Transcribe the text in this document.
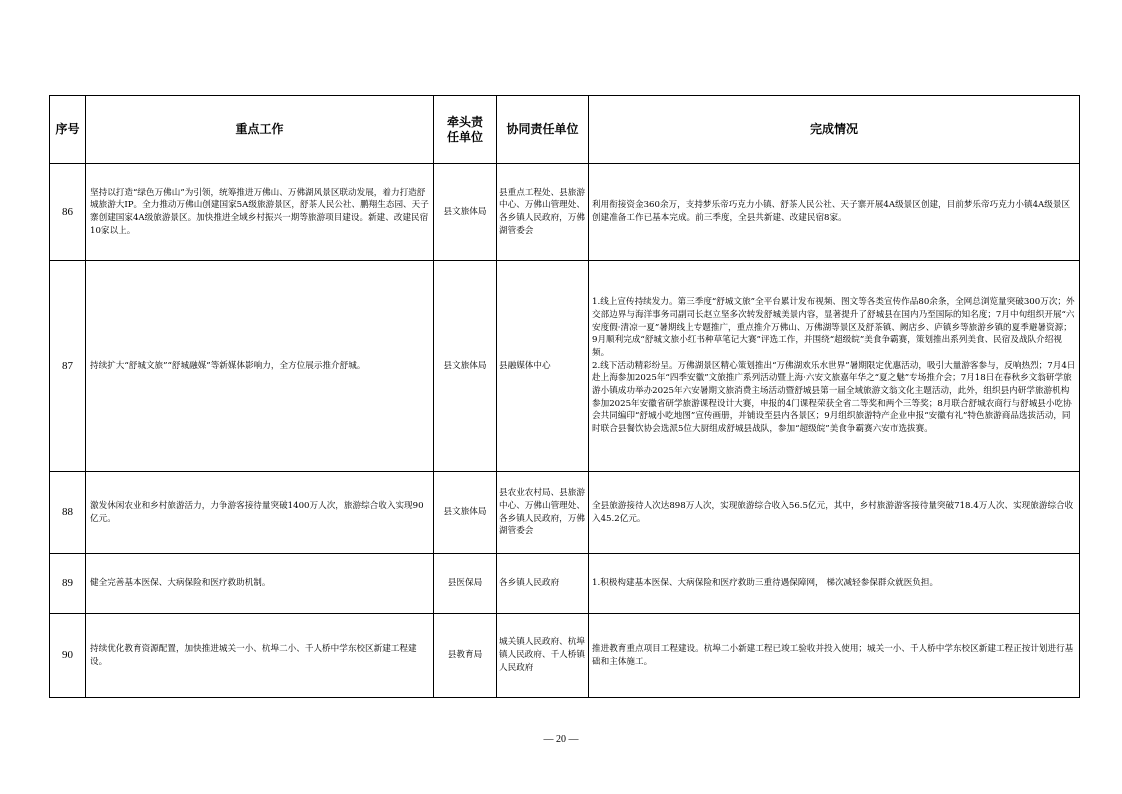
序号	重点工作	牵头责任单位	协同责任单位	完成情况
86	坚持以打造“绿色万佛山”为引领，统筹推进万佛山、万佛湖风景区联动发展，着力打造舒城旅游大IP。全力推动万佛山创建国家5A级旅游景区，舒茶人民公社、鹏翔生态园、天子寨创建国家4A级旅游景区。加快推进全域乡村振兴一期等旅游项目建设。新建、改建民宿10家以上。	县文旅体局	县重点工程处、县旅游中心、万佛山管理处、各乡镇人民政府，万佛湖管委会	利用衔接资金360余万，支持梦乐帝巧克力小镇、舒茶人民公社、天子寨开展4A级景区创建，目前梦乐帝巧克力小镇4A级景区创建准备工作已基本完成。前三季度，全县共新建、改建民宿8家。

87	持续扩大“舒城文旅”“舒城融媒”等新媒体影响力，全方位展示推介舒城。	县文旅体局	县融媒体中心	1.线上宣传持续发力。第三季度“舒城文旅”全平台累计发布视频、图文等各类宣传作品80余条，全网总浏览量突破300万次；外交部边界与海洋事务司副司长赵立坚多次转发舒城美景内容，显著提升了舒城县在国内乃至国际的知名度；7月中旬组织开展“六安度假·清凉一夏”暑期线上专题推广，重点推介万佛山、万佛湖等景区及舒茶镇、阙店乡、庐镇乡等旅游乡镇的夏季避暑资源；9月顺利完成“舒城文旅小红书种草笔记大赛”评选工作，并围绕“超级皖”美食争霸赛，策划推出系列美食、民宿及战队介绍视频。
2.线下活动精彩纷呈。万佛湖景区精心策划推出“万佛湖欢乐水世界”暑期限定优惠活动，吸引大量游客参与，反响热烈；7月4日赴上海参加2025年“四季安徽”文旅推广系列活动暨上海·六安文旅嘉年华之“夏之魅”专场推介会；7月18日在春秋乡文翁研学旅游小镇成功举办2025年六安暑期文旅消费主场活动暨舒城县第一届全域旅游文翁文化主题活动，此外，组织县内研学旅游机构参加2025年安徽省研学旅游课程设计大赛，申报的4门课程荣获全省二等奖和两个三等奖；8月联合舒城农商行与舒城县小吃协会共同编印“舒城小吃地图”宣传画册，并铺设至县内各景区；9月组织旅游特产企业申报“安徽有礼”特色旅游商品选拔活动，同时联合县餐饮协会选派5位大厨组成舒城县战队，参加“超级皖”美食争霸赛六安市选拔赛。

88	激发休闲农业和乡村旅游活力，力争游客接待量突破1400万人次，旅游综合收入实现90亿元。	县文旅体局	县农业农村局、县旅游中心、万佛山管理处、各乡镇人民政府，万佛湖管委会	全县旅游接待人次达898万人次，实现旅游综合收入56.5亿元，其中，乡村旅游游客接待量突破718.4万人次、实现旅游综合收入45.2亿元。

89	健全完善基本医保、大病保险和医疗救助机制。	县医保局	各乡镇人民政府	1.积极构建基本医保、大病保险和医疗救助三重待遇保障网， 梯次减轻参保群众就医负担。

90	持续优化教育资源配置，加快推进城关一小、杭埠二小、千人桥中学东校区新建工程建设。	县教育局	城关镇人民政府、杭埠镇人民政府、千人桥镇人民政府	推进教育重点项目工程建设。杭埠二小新建工程已竣工验收并投入使用；城关一小、千人桥中学东校区新建工程正按计划进行基础和主体施工。
— 20 —
